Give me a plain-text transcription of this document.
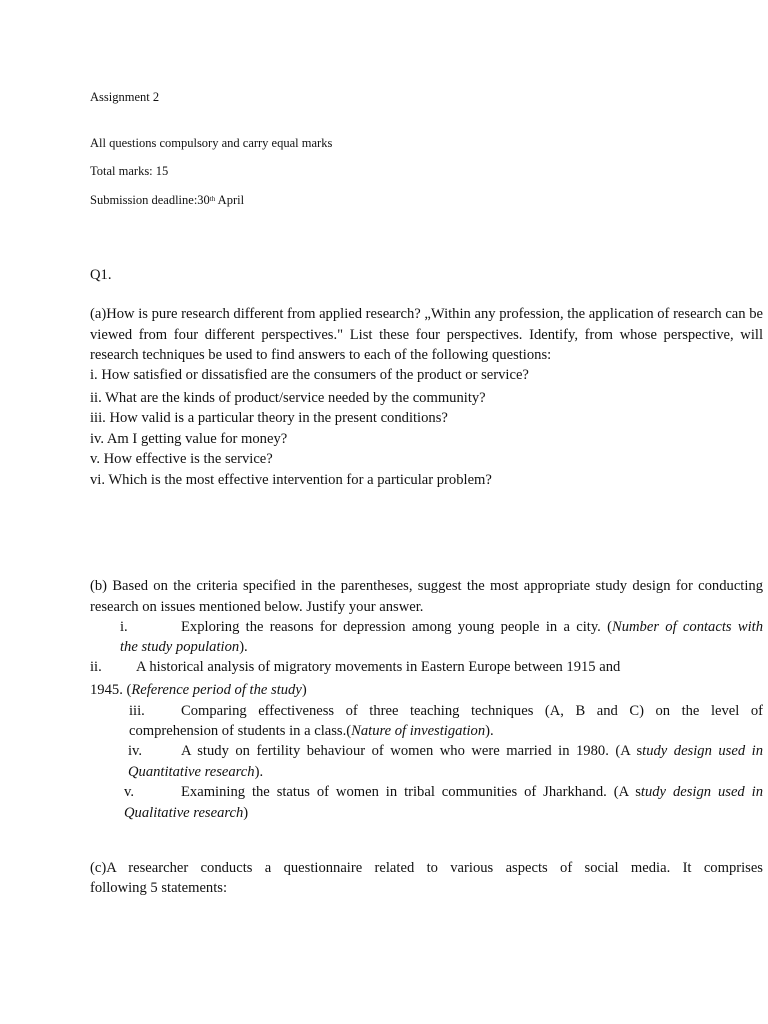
Assignment 2

All questions compulsory and carry equal marks

Total marks: 15

Submission deadline:30th April

Q1.

(a)How is pure research different from applied research? „Within any profession, the application of research can be viewed from four different perspectives." List these four perspectives. Identify, from whose perspective, will research techniques be used to find answers to each of the following questions:

i. How satisfied or dissatisfied are the consumers of the product or service?

ii. What are the kinds of product/service needed by the community?

iii. How valid is a particular theory in the present conditions?

iv. Am I getting value for money?

v. How effective is the service?

vi. Which is the most effective intervention for a particular problem?

(b) Based on the criteria specified in the parentheses, suggest the most appropriate study design for conducting research on issues mentioned below. Justify your answer.

i.	Exploring the reasons for depression among young people in a city. (Number of contacts with

the study population).

ii. A historical analysis of migratory movements in Eastern Europe between 1915 and

1945. (Reference period of the study)

iii. Comparing effectiveness of three teaching techniques (A, B and C) on the level of

comprehension of students in a class.(Nature of investigation).

iv.	A study on fertility behaviour of women who were married in 1980. (A study design used in

Quantitative research).

v.	Examining the status of women in tribal communities of Jharkhand. (A study design used in

Qualitative research)

(c)A researcher conducts a questionnaire related to various aspects of social media. It comprises

following 5 statements:
